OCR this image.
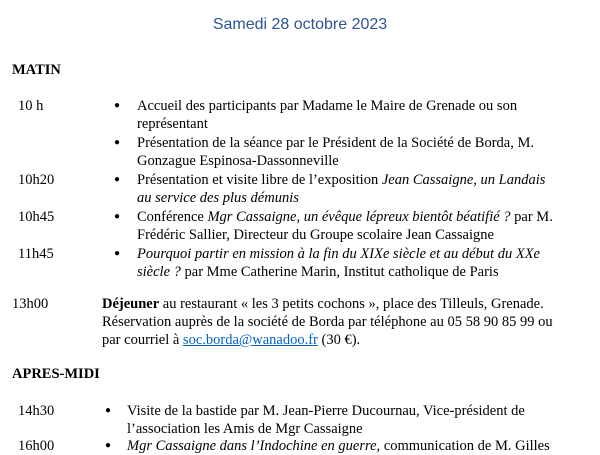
Samedi 28 octobre 2023
MATIN
10 h	● Accueil des participants par Madame le Maire de Grenade ou son
représentant
● Présentation de la séance par le Président de la Société de Borda, M.
Gonzague Espinosa-Dassonneville
10h20	● Présentation et visite libre de l’exposition Jean Cassaigne, un Landais
au service des plus démunis
10h45	● Conférence Mgr Cassaigne, un évêque lépreux bientôt béatifié ? par M.
Frédéric Sallier, Directeur du Groupe scolaire Jean Cassaigne
11h45	● Pourquoi partir en mission à la fin du XIXe siècle et au début du XXe
siècle ? par Mme Catherine Marin, Institut catholique de Paris
13h00	Déjeuner au restaurant « les 3 petits cochons », place des Tilleuls, Grenade.
Réservation auprès de la société de Borda par téléphone au 05 58 90 85 99 ou
par courriel à soc.borda@wanadoo.fr (30 €).
APRES-MIDI
14h30	● Visite de la bastide par M. Jean-Pierre Ducournau, Vice-président de
l’association les Amis de Mgr Cassaigne
16h00	● Mgr Cassaigne dans l’Indochine en guerre, communication de M. Gilles
